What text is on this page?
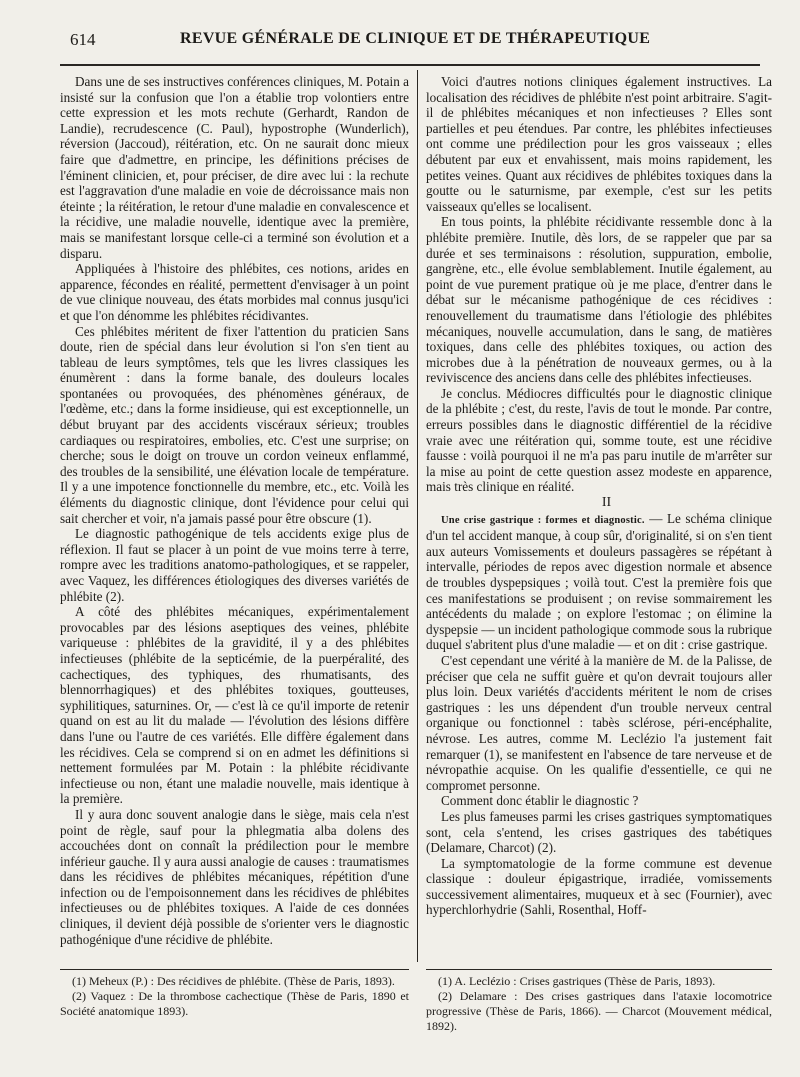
614	REVUE GÉNÉRALE DE CLINIQUE ET DE THÉRAPEUTIQUE

Dans une de ses instructives conférences cliniques, M. Potain a insisté sur la confusion que l'on a établie trop volontiers entre cette expression et les mots rechute (Gerhardt, Randon de Landie), recrudescence (C. Paul), hypostrophe (Wunderlich), réversion (Jaccoud), réitération, etc. On ne saurait donc mieux faire que d'admettre, en principe, les définitions précises de l'éminent clinicien, et, pour préciser, de dire avec lui : la rechute est l'aggravation d'une maladie en voie de décroissance mais non éteinte ; la réitération, le retour d'une maladie en convalescence et la récidive, une maladie nouvelle, identique avec la première, mais se manifestant lorsque celle-ci a terminé son évolution et a disparu.

Appliquées à l'histoire des phlébites, ces notions, arides en apparence, fécondes en réalité, permettent d'envisager à un point de vue clinique nouveau, des états morbides mal connus jusqu'ici et que l'on dénomme les phlébites récidivantes.

Ces phlébites méritent de fixer l'attention du praticien Sans doute, rien de spécial dans leur évolution si l'on s'en tient au tableau de leurs symptômes, tels que les livres classiques les énumèrent : dans la forme banale, des douleurs locales spontanées ou provoquées, des phénomènes généraux, de l'œdème, etc.; dans la forme insidieuse, qui est exceptionnelle, un début bruyant par des accidents viscéraux sérieux; troubles cardiaques ou respiratoires, embolies, etc. C'est une surprise; on cherche; sous le doigt on trouve un cordon veineux enflammé, des troubles de la sensibilité, une élévation locale de température. Il y a une impotence fonctionnelle du membre, etc., etc. Voilà les éléments du diagnostic clinique, dont l'évidence pour celui qui sait chercher et voir, n'a jamais passé pour être obscure (1).

Le diagnostic pathogénique de tels accidents exige plus de réflexion. Il faut se placer à un point de vue moins terre à terre, rompre avec les traditions anatomo-pathologiques, et se rappeler, avec Vaquez, les différences étiologiques des diverses variétés de phlébite (2).

A côté des phlébites mécaniques, expérimentalement provocables par des lésions aseptiques des veines, phlébite variqueuse : phlébites de la gravidité, il y a des phlébites infectieuses (phlébite de la septicémie, de la puerpéralité, des cachectiques, des typhiques, des rhumatisants, des blennorrhagiques) et des phlébites toxiques, goutteuses, syphilitiques, saturnines. Or, — c'est là ce qu'il importe de retenir quand on est au lit du malade — l'évolution des lésions diffère dans l'une ou l'autre de ces variétés. Elle diffère également dans les récidives. Cela se comprend si on en admet les définitions si nettement formulées par M. Potain : la phlébite récidivante infectieuse ou non, étant une maladie nouvelle, mais identique à la première.

Il y aura donc souvent analogie dans le siège, mais cela n'est point de règle, sauf pour la phlegmatia alba dolens des accouchées dont on connaît la prédilection pour le membre inférieur gauche. Il y aura aussi analogie de causes : traumatismes dans les récidives de phlébites mécaniques, répétition d'une infection ou de l'empoisonnement dans les récidives de phlébites infectieuses ou de phlébites toxiques. A l'aide de ces données cliniques, il devient déjà possible de s'orienter vers le diagnostic pathogénique d'une récidive de phlébite.

Voici d'autres notions cliniques également instructives. La localisation des récidives de phlébite n'est point arbitraire. S'agit-il de phlébites mécaniques et non infectieuses ? Elles sont partielles et peu étendues. Par contre, les phlébites infectieuses ont comme une prédilection pour les gros vaisseaux ; elles débutent par eux et envahissent, mais moins rapidement, les petites veines. Quant aux récidives de phlébites toxiques dans la goutte ou le saturnisme, par exemple, c'est sur les petits vaisseaux qu'elles se localisent.

En tous points, la phlébite récidivante ressemble donc à la phlébite première. Inutile, dès lors, de se rappeler que par sa durée et ses terminaisons : résolution, suppuration, embolie, gangrène, etc., elle évolue semblablement. Inutile également, au point de vue purement pratique où je me place, d'entrer dans le débat sur le mécanisme pathogénique de ces récidives : renouvellement du traumatisme dans l'étiologie des phlébites mécaniques, nouvelle accumulation, dans le sang, de matières toxiques, dans celle des phlébites toxiques, ou action des microbes due à la pénétration de nouveaux germes, ou à la reviviscence des anciens dans celle des phlébites infectieuses.

Je conclus. Médiocres difficultés pour le diagnostic clinique de la phlébite ; c'est, du reste, l'avis de tout le monde. Par contre, erreurs possibles dans le diagnostic différentiel de la récidive vraie avec une réitération qui, somme toute, est une récidive fausse : voilà pourquoi il ne m'a pas paru inutile de m'arrêter sur la mise au point de cette question assez modeste en apparence, mais très clinique en réalité.

II

Une crise gastrique : formes et diagnostic. — Le schéma clinique d'un tel accident manque, à coup sûr, d'originalité, si on s'en tient aux auteurs Vomissements et douleurs passagères se répétant à intervalle, périodes de repos avec digestion normale et absence de troubles dyspepsiques ; voilà tout. C'est la première fois que ces manifestations se produisent ; on revise sommairement les antécédents du malade ; on explore l'estomac ; on élimine la dyspepsie — un incident pathologique commode sous la rubrique duquel s'abritent plus d'une maladie — et on dit : crise gastrique.

C'est cependant une vérité à la manière de M. de la Palisse, de préciser que cela ne suffit guère et qu'on devrait toujours aller plus loin. Deux variétés d'accidents méritent le nom de crises gastriques : les uns dépendent d'un trouble nerveux central organique ou fonctionnel : tabès sclérose, péri-encéphalite, névrose. Les autres, comme M. Leclézio l'a justement fait remarquer (1), se manifestent en l'absence de tare nerveuse et de névropathie acquise. On les qualifie d'essentielle, ce qui ne compromet personne.

Comment donc établir le diagnostic ?

Les plus fameuses parmi les crises gastriques symptomatiques sont, cela s'entend, les crises gastriques des tabétiques (Delamare, Charcot) (2).

La symptomatologie de la forme commune est devenue classique : douleur épigastrique, irradiée, vomissements successivement alimentaires, muqueux et à sec (Fournier), avec hyperchlorhydrie (Sahli, Rosenthal, Hoff-

(1) Meheux (P.) : Des récidives de phlébite. (Thèse de Paris, 1893).

(2) Vaquez : De la thrombose cachectique (Thèse de Paris, 1890 et Société anatomique 1893).

(1) A. Leclézio : Crises gastriques (Thèse de Paris, 1893).

(2) Delamare : Des crises gastriques dans l'ataxie locomotrice progressive (Thèse de Paris, 1866). — Charcot (Mouvement médical, 1892).
